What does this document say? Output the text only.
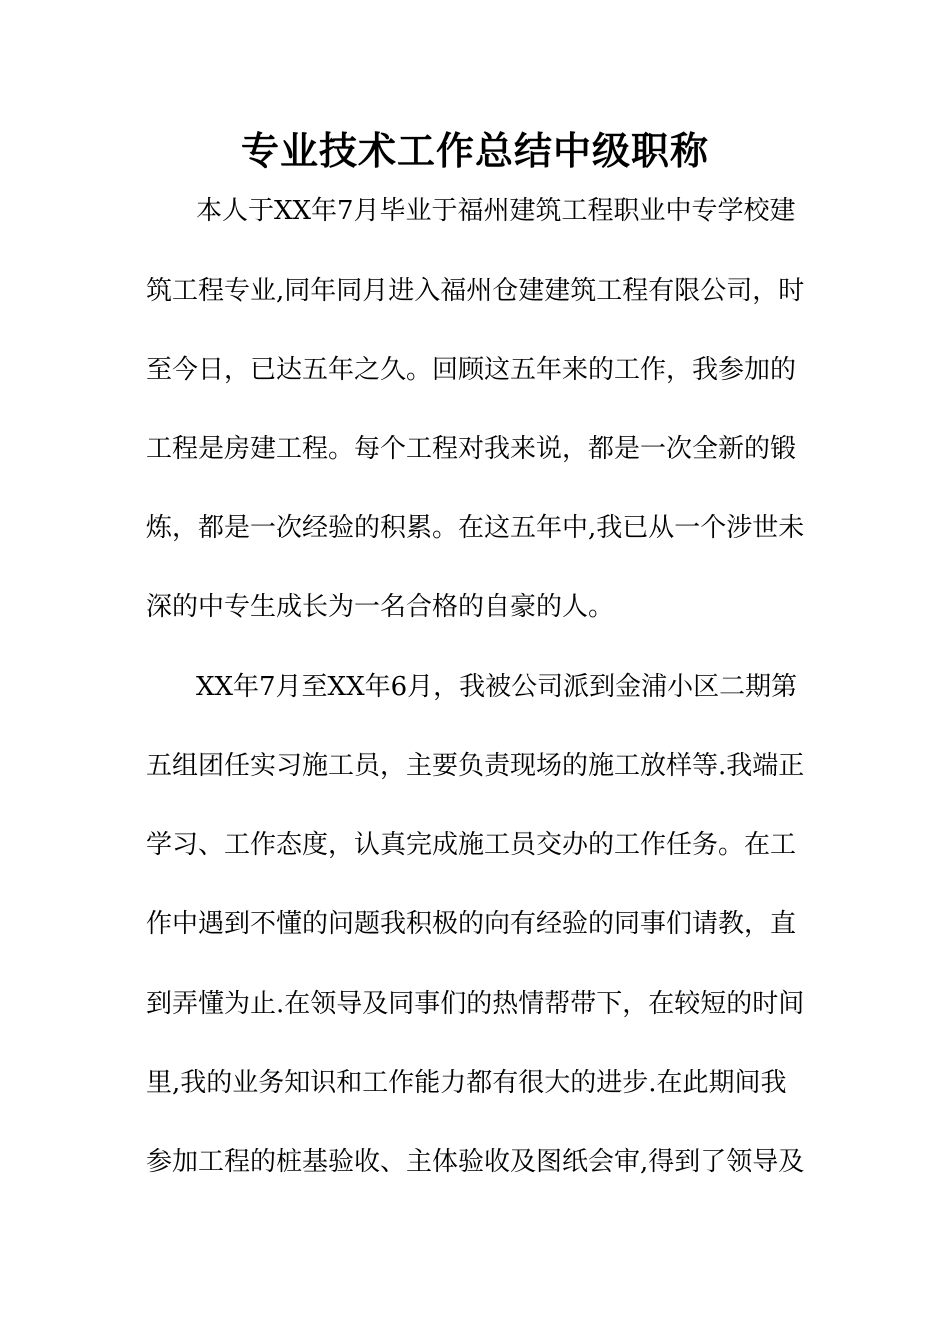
专业技术工作总结中级职称
本人于XX年7月毕业于福州建筑工程职业中专学校建
筑工程专业,同年同月进入福州仓建建筑工程有限公司，时
至今日，已达五年之久。回顾这五年来的工作，我参加的
工程是房建工程。每个工程对我来说，都是一次全新的锻
炼，都是一次经验的积累。在这五年中,我已从一个涉世未
深的中专生成长为一名合格的自豪的人。
XX年7月至XX年6月，我被公司派到金浦小区二期第
五组团任实习施工员，主要负责现场的施工放样等.我端正
学习、工作态度，认真完成施工员交办的工作任务。在工
作中遇到不懂的问题我积极的向有经验的同事们请教，直
到弄懂为止.在领导及同事们的热情帮带下，在较短的时间
里,我的业务知识和工作能力都有很大的进步.在此期间我
参加工程的桩基验收、主体验收及图纸会审,得到了领导及
